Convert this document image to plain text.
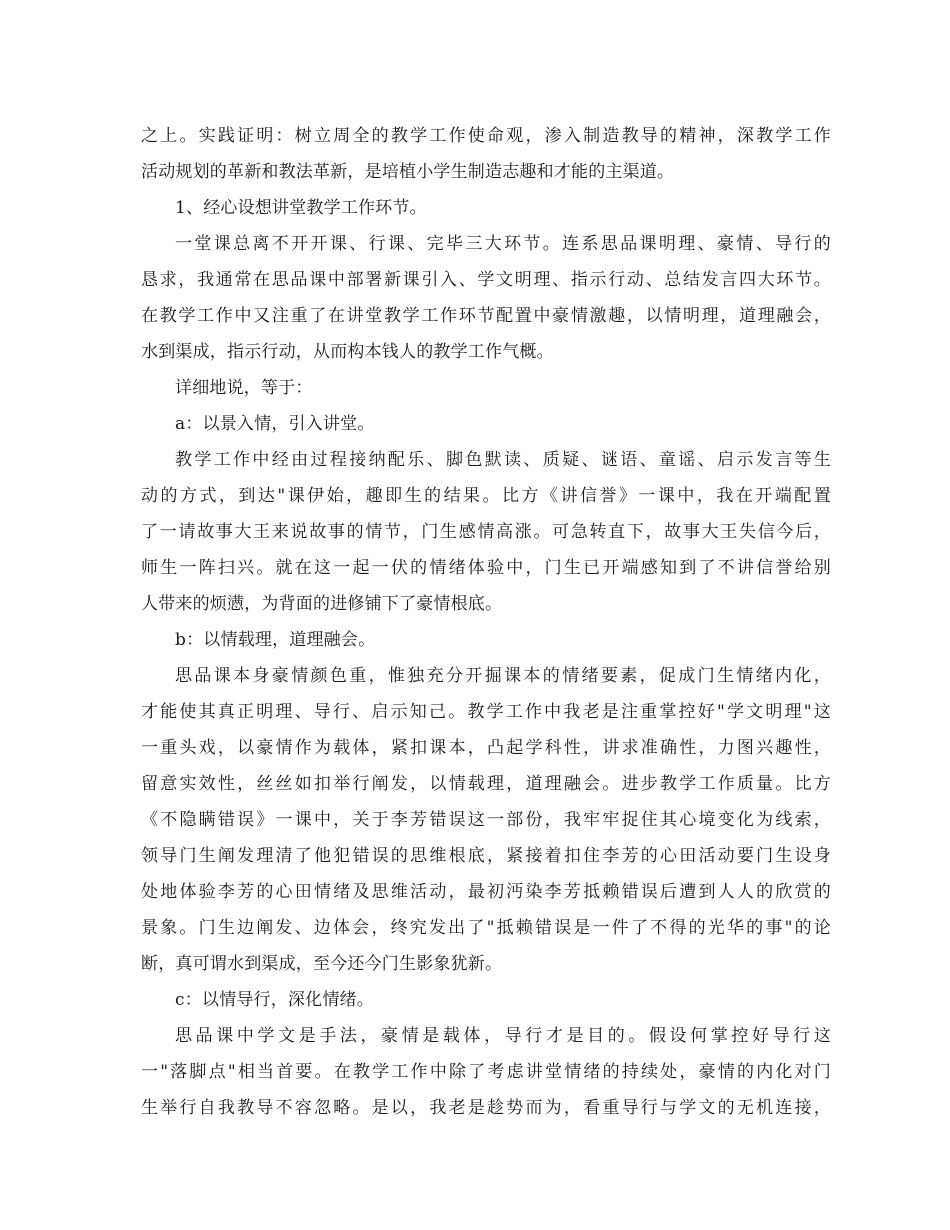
之上。实践证明：树立周全的教学工作使命观，渗入制造教导的精神，深教学工作
活动规划的革新和教法革新，是培植小学生制造志趣和才能的主渠道。
1、经心设想讲堂教学工作环节。
一堂课总离不开开课、行课、完毕三大环节。连系思品课明理、豪情、导行的
恳求，我通常在思品课中部署新课引入、学文明理、指示行动、总结发言四大环节。
在教学工作中又注重了在讲堂教学工作环节配置中豪情激趣，以情明理，道理融会，
水到渠成，指示行动，从而构本钱人的教学工作气概。
详细地说，等于：
a：以景入情，引入讲堂。
教学工作中经由过程接纳配乐、脚色默读、质疑、谜语、童谣、启示发言等生
动的方式，到达"课伊始，趣即生的结果。比方《讲信誉》一课中，我在开端配置
了一请故事大王来说故事的情节，门生感情高涨。可急转直下，故事大王失信今后，
师生一阵扫兴。就在这一起一伏的情绪体验中，门生已开端感知到了不讲信誉给别
人带来的烦懑，为背面的进修铺下了豪情根底。
b：以情载理，道理融会。
思品课本身豪情颜色重，惟独充分开掘课本的情绪要素，促成门生情绪内化，
才能使其真正明理、导行、启示知己。教学工作中我老是注重掌控好"学文明理"这
一重头戏，以豪情作为载体，紧扣课本，凸起学科性，讲求准确性，力图兴趣性，
留意实效性，丝丝如扣举行阐发，以情载理，道理融会。进步教学工作质量。比方
《不隐瞒错误》一课中，关于李芳错误这一部份，我牢牢捉住其心境变化为线索，
领导门生阐发理清了他犯错误的思维根底，紧接着扣住李芳的心田活动要门生设身
处地体验李芳的心田情绪及思维活动，最初沔染李芳抵赖错误后遭到人人的欣赏的
景象。门生边阐发、边体会，终究发出了"抵赖错误是一件了不得的光华的事"的论
断，真可谓水到渠成，至今还今门生影象犹新。
c：以情导行，深化情绪。
思品课中学文是手法，豪情是载体，导行才是目的。假设何掌控好导行这
一"落脚点"相当首要。在教学工作中除了考虑讲堂情绪的持续处，豪情的内化对门
生举行自我教导不容忽略。是以，我老是趁势而为，看重导行与学文的无机连接，
